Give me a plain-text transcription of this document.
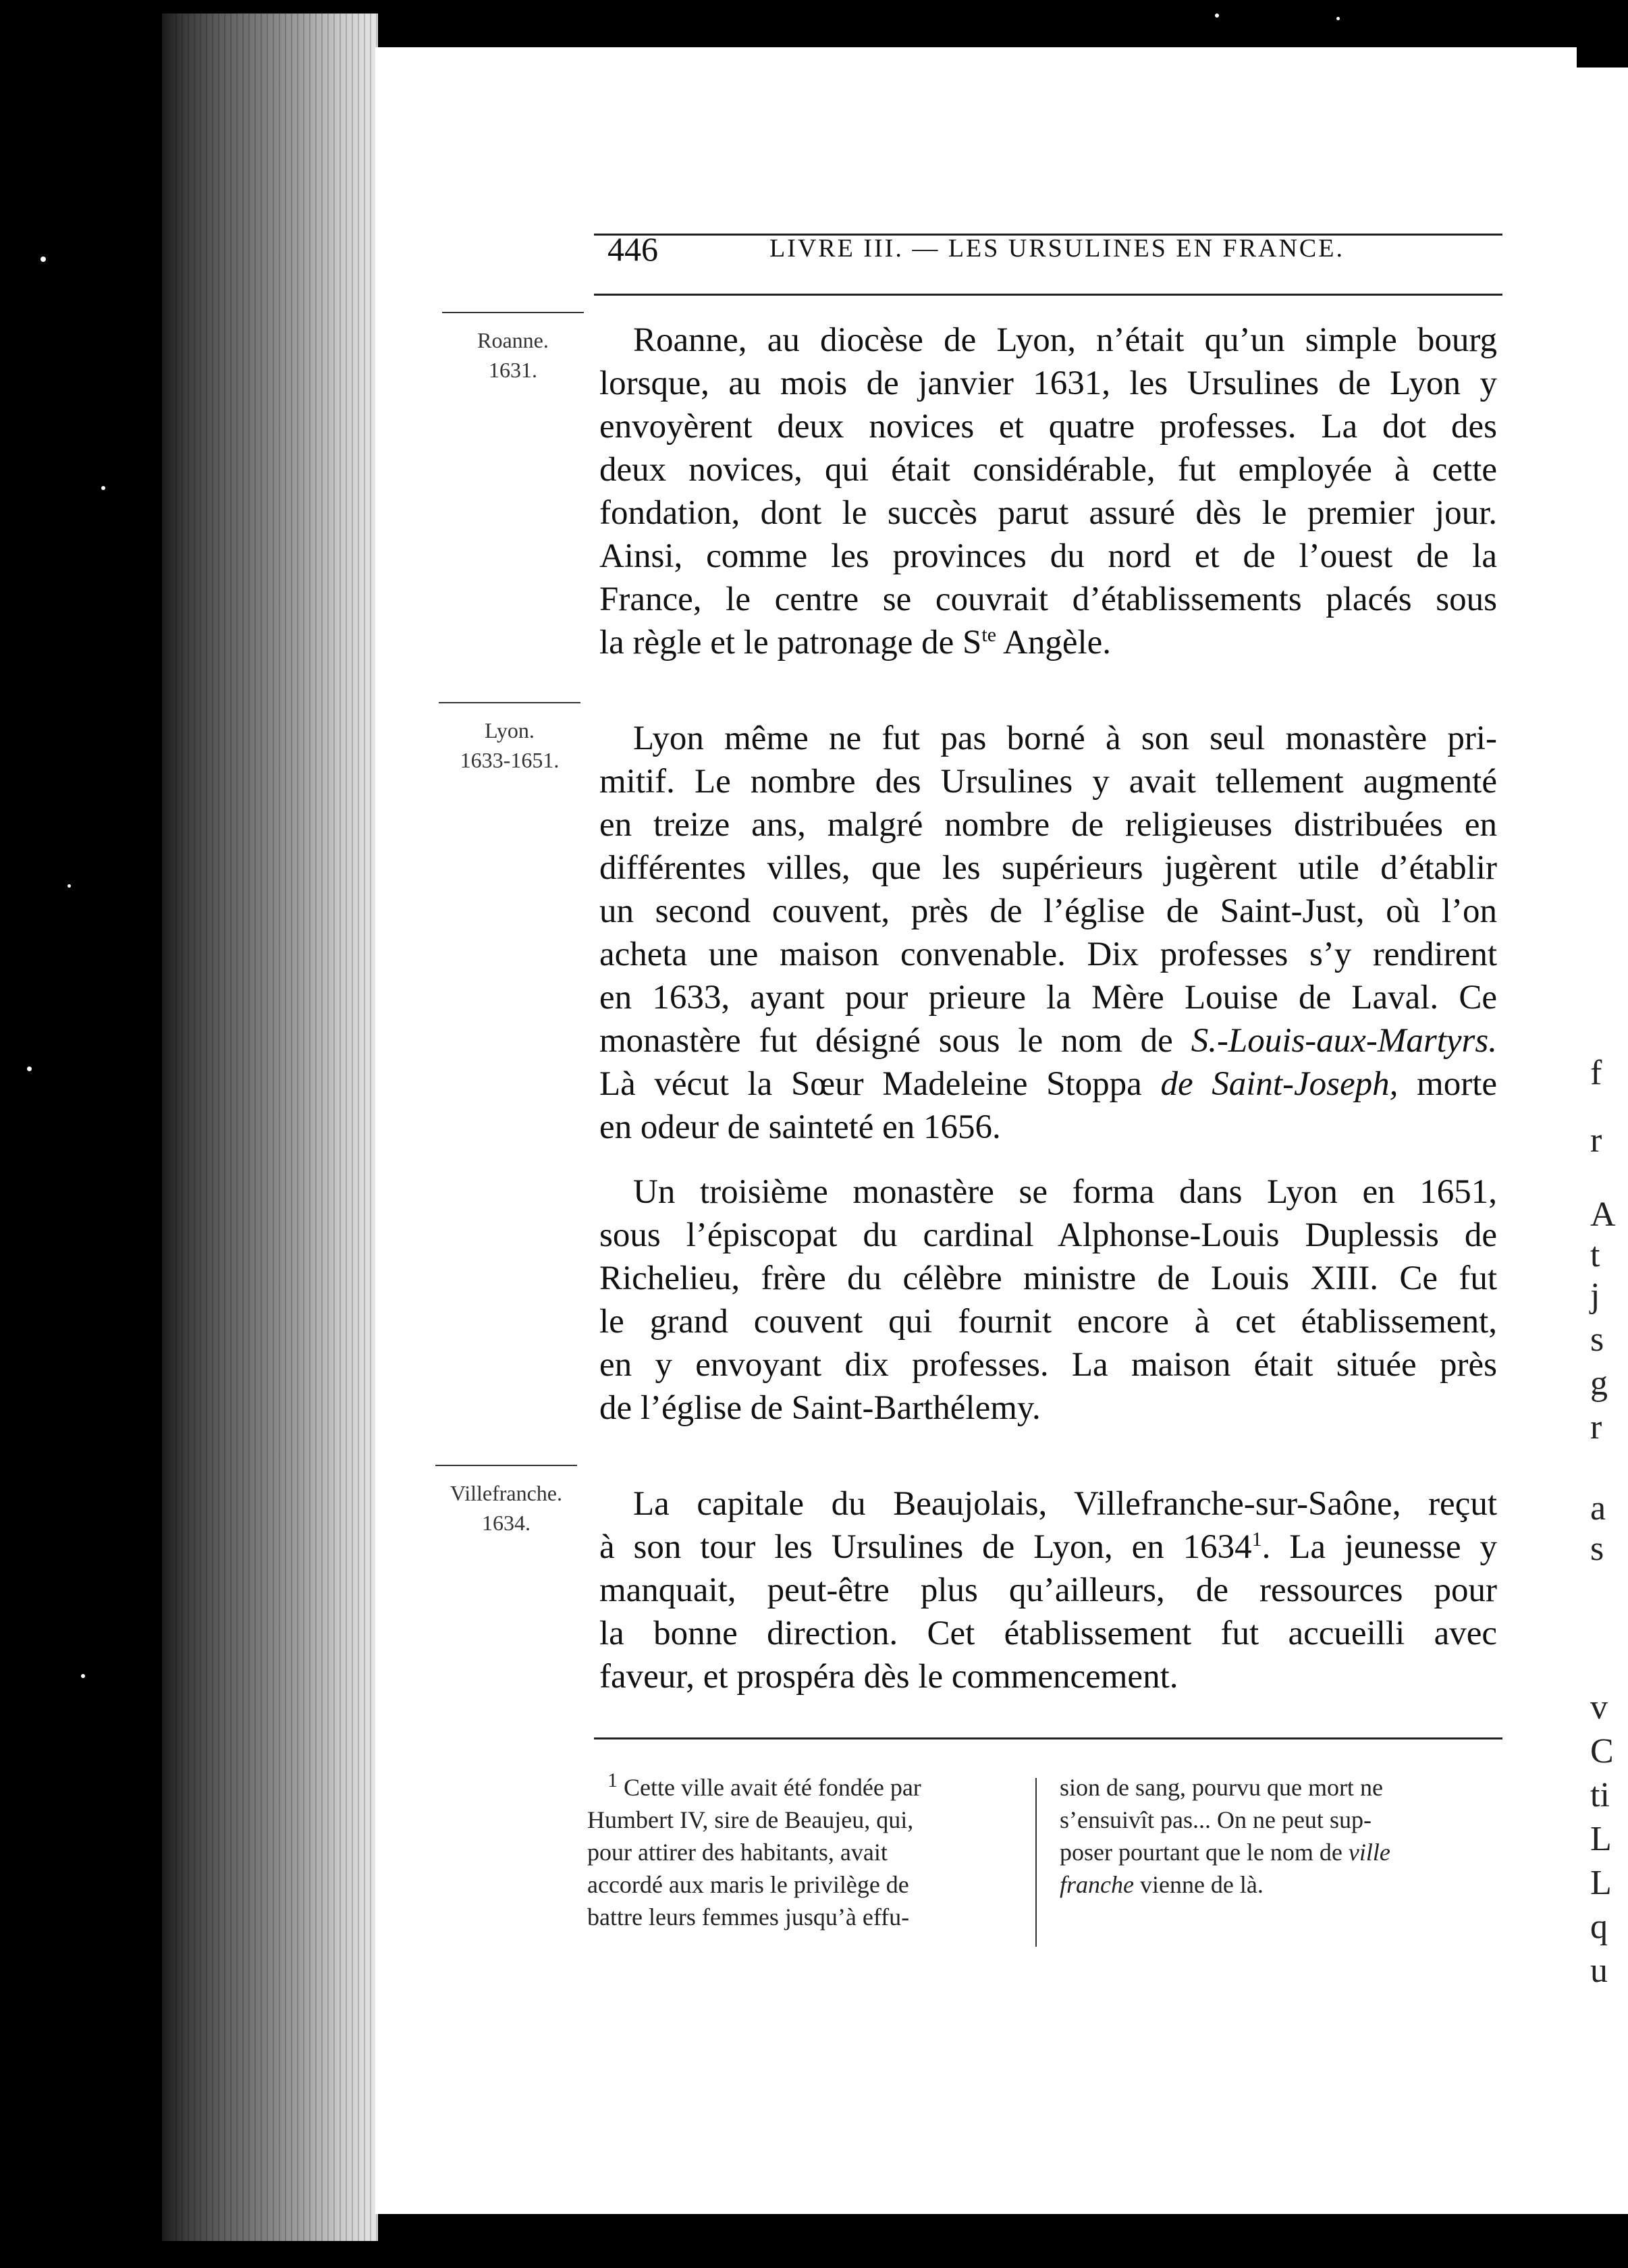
f
r
A
t
j
s
g
r
a
s
v
C
ti
L
L
q
u
446	LIVRE III. — LES URSULINES EN FRANCE.
Roanne.
1631.
Lyon.
1633-1651.
Villefranche.
1634.
Roanne, au diocèse de Lyon, n’était qu’un simple bourg
lorsque, au mois de janvier 1631, les Ursulines de Lyon y
envoyèrent deux novices et quatre professes. La dot des
deux novices, qui était considérable, fut employée à cette
fondation, dont le succès parut assuré dès le premier jour.
Ainsi, comme les provinces du nord et de l’ouest de la
France, le centre se couvrait d’établissements placés sous
la règle et le patronage de $S^{te}$ Angèle.
Lyon même ne fut pas borné à son seul monastère pri-
mitif. Le nombre des Ursulines y avait tellement augmenté
en treize ans, malgré nombre de religieuses distribuées en
différentes villes, que les supérieurs jugèrent utile d’établir
un second couvent, près de l’église de Saint-Just, où l’on
acheta une maison convenable. Dix professes s’y rendirent
en 1633, ayant pour prieure la Mère Louise de Laval. Ce
monastère fut désigné sous le nom de S.-Louis-aux-Martyrs.
Là vécut la Sœur Madeleine Stoppa de Saint-Joseph, morte
en odeur de sainteté en 1656.
Un troisième monastère se forma dans Lyon en 1651,
sous l’épiscopat du cardinal Alphonse-Louis Duplessis de
Richelieu, frère du célèbre ministre de Louis XIII. Ce fut
le grand couvent qui fournit encore à cet établissement,
en y envoyant dix professes. La maison était située près
de l’église de Saint-Barthélemy.
La capitale du Beaujolais, Villefranche-sur-Saône, reçut
à son tour les Ursulines de Lyon, en 1634$^1$. La jeunesse y
manquait, peut-être plus qu’ailleurs, de ressources pour
la bonne direction. Cet établissement fut accueilli avec
faveur, et prospéra dès le commencement.
$^1$ Cette ville avait été fondée par
Humbert IV, sire de Beaujeu, qui,
pour attirer des habitants, avait
accordé aux maris le privilège de
battre leurs femmes jusqu’à effu-
sion de sang, pourvu que mort ne
s’ensuivît pas... On ne peut sup-
poser pourtant que le nom de ville
franche vienne de là.
